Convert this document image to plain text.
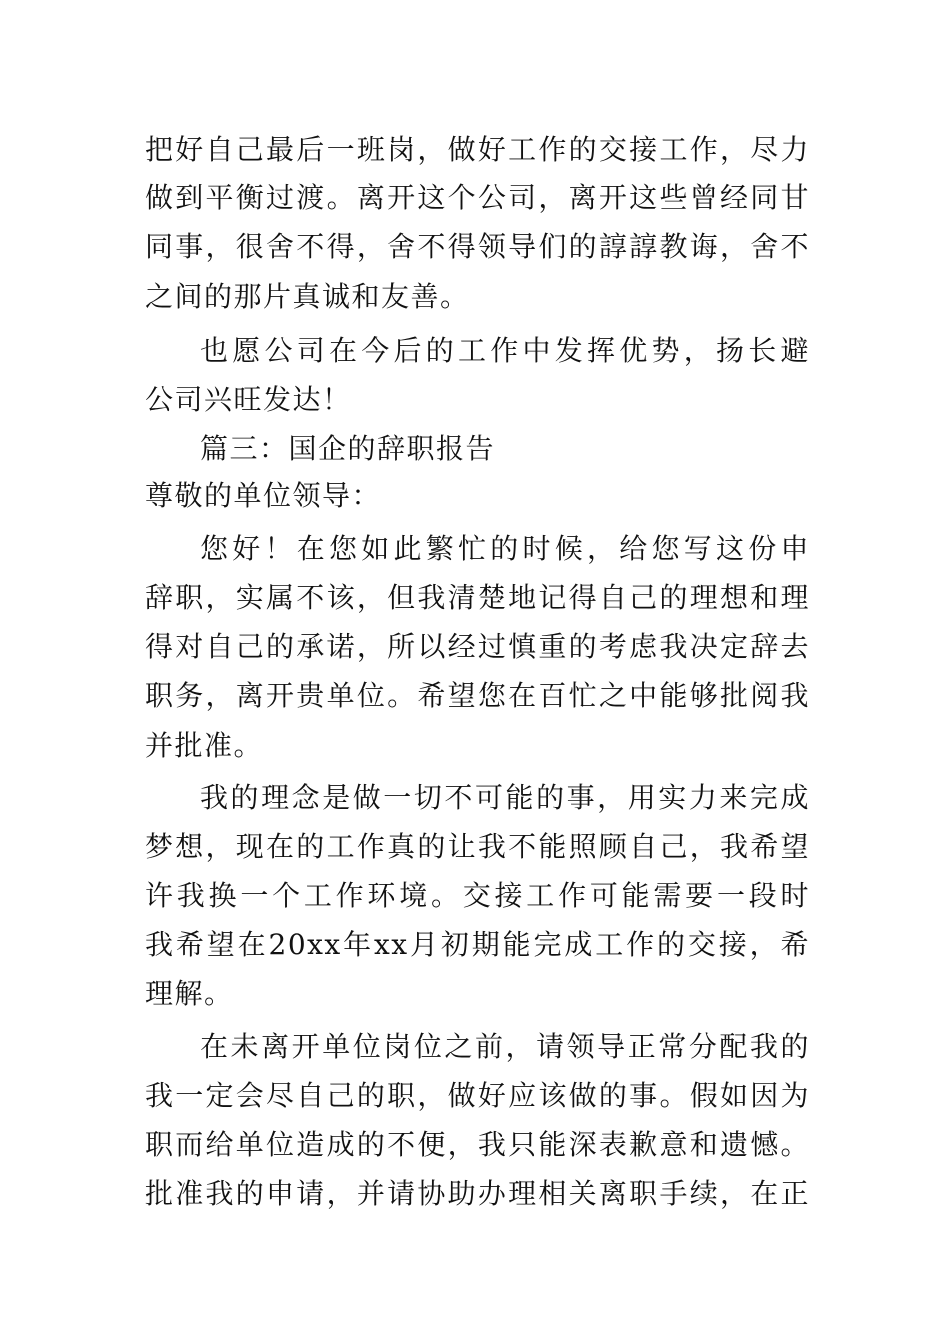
把好自己最后一班岗，做好工作的交接工作，尽力
做到平衡过渡。离开这个公司，离开这些曾经同甘
同事，很舍不得，舍不得领导们的諄諄教诲，舍不
之间的那片真诚和友善。
也愿公司在今后的工作中发挥优势，扬长避
公司兴旺发达！
篇三：国企的辞职报告
尊敬的单位领导：
您好！在您如此繁忙的时候，给您写这份申
辞职，实属不该，但我清楚地记得自己的理想和理
得对自己的承诺，所以经过慎重的考虑我决定辞去
职务，离开贵单位。希望您在百忙之中能够批阅我
并批准。
我的理念是做一切不可能的事，用实力来完成
梦想，现在的工作真的让我不能照顾自己，我希望
许我换一个工作环境。交接工作可能需要一段时
我希望在20xx年xx月初期能完成工作的交接，希
理解。
在未离开单位岗位之前，请领导正常分配我的
我一定会尽自己的职，做好应该做的事。假如因为
职而给单位造成的不便，我只能深表歉意和遗憾。
批准我的申请，并请协助办理相关离职手续，在正
